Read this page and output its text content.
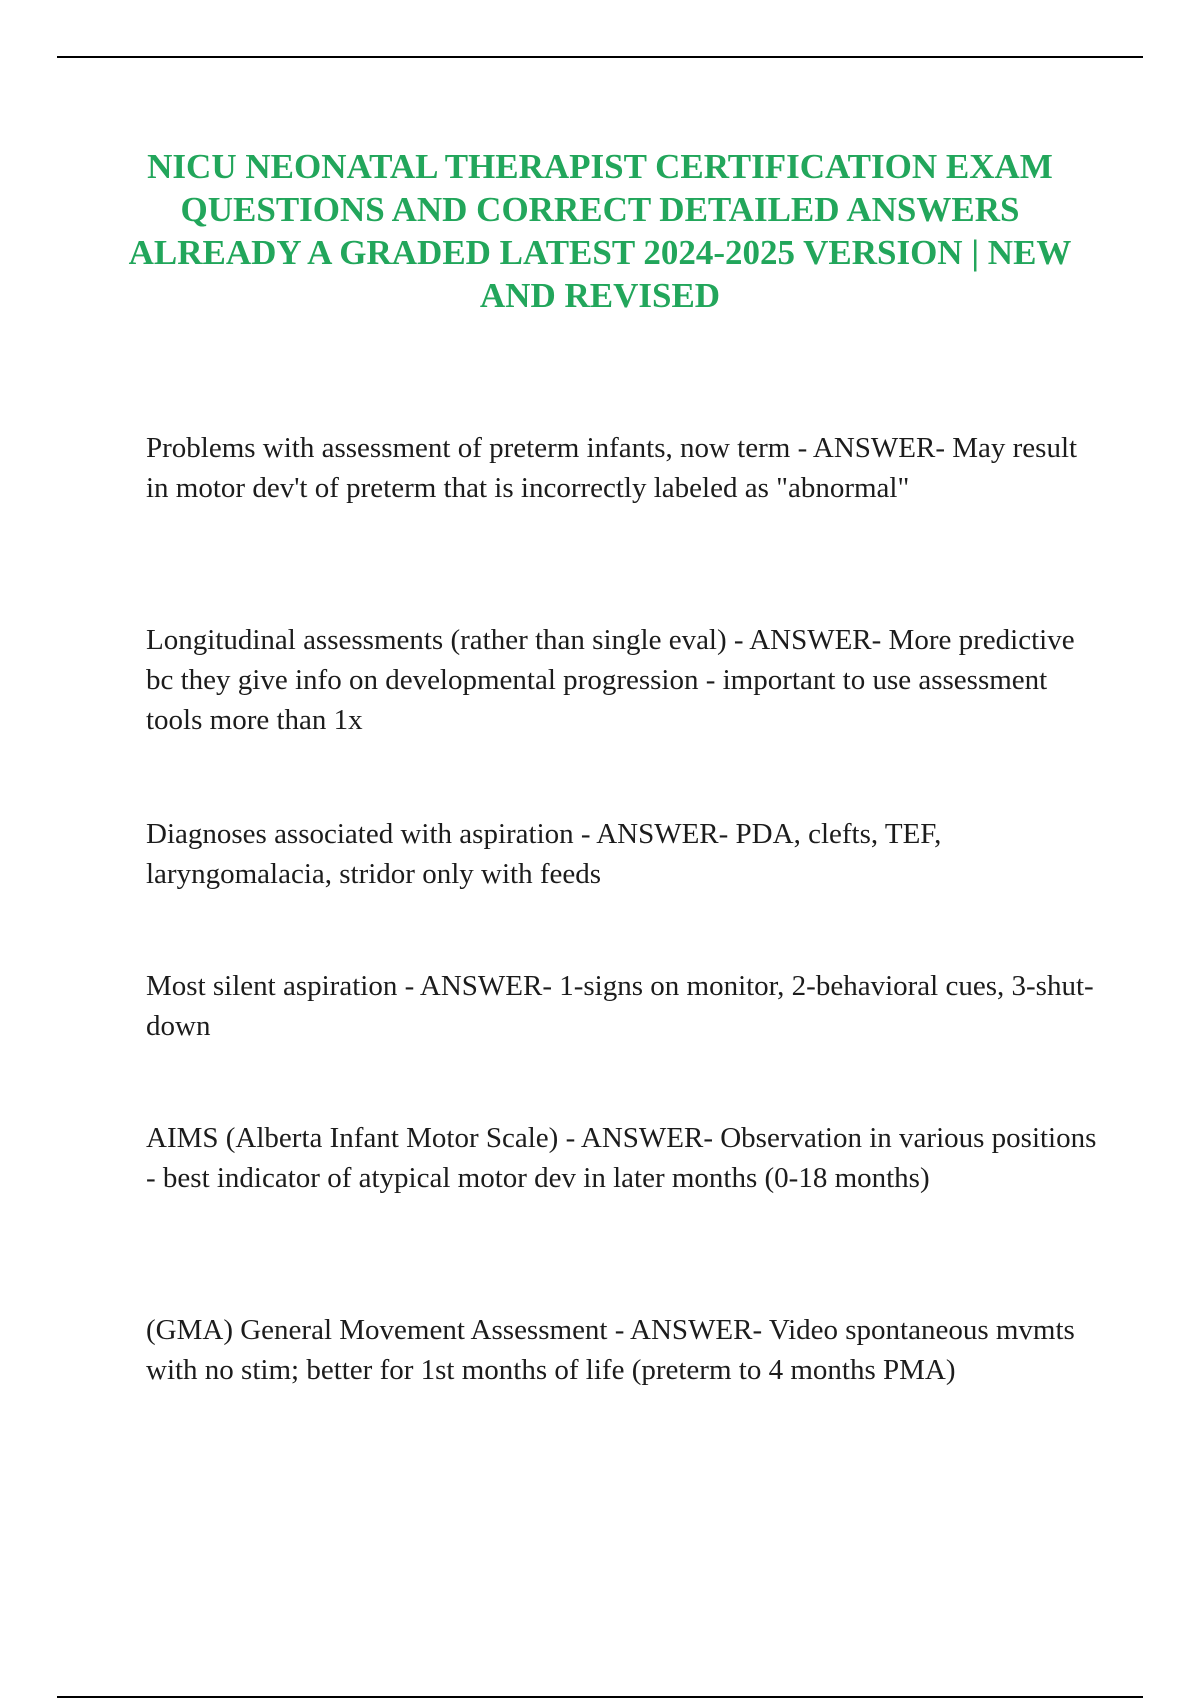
NICU NEONATAL THERAPIST CERTIFICATION EXAM QUESTIONS AND CORRECT DETAILED ANSWERS ALREADY A GRADED LATEST 2024-2025 VERSION | NEW AND REVISED

Problems with assessment of preterm infants, now term - ANSWER- May result in motor dev't of preterm that is incorrectly labeled as "abnormal"

Longitudinal assessments (rather than single eval) - ANSWER- More predictive bc they give info on developmental progression - important to use assessment tools more than 1x

Diagnoses associated with aspiration - ANSWER- PDA, clefts, TEF, laryngomalacia, stridor only with feeds

Most silent aspiration - ANSWER- 1-signs on monitor, 2-behavioral cues, 3-shut-down

AIMS (Alberta Infant Motor Scale) - ANSWER- Observation in various positions - best indicator of atypical motor dev in later months (0-18 months)

(GMA) General Movement Assessment - ANSWER- Video spontaneous mvmts with no stim; better for 1st months of life (preterm to 4 months PMA)
